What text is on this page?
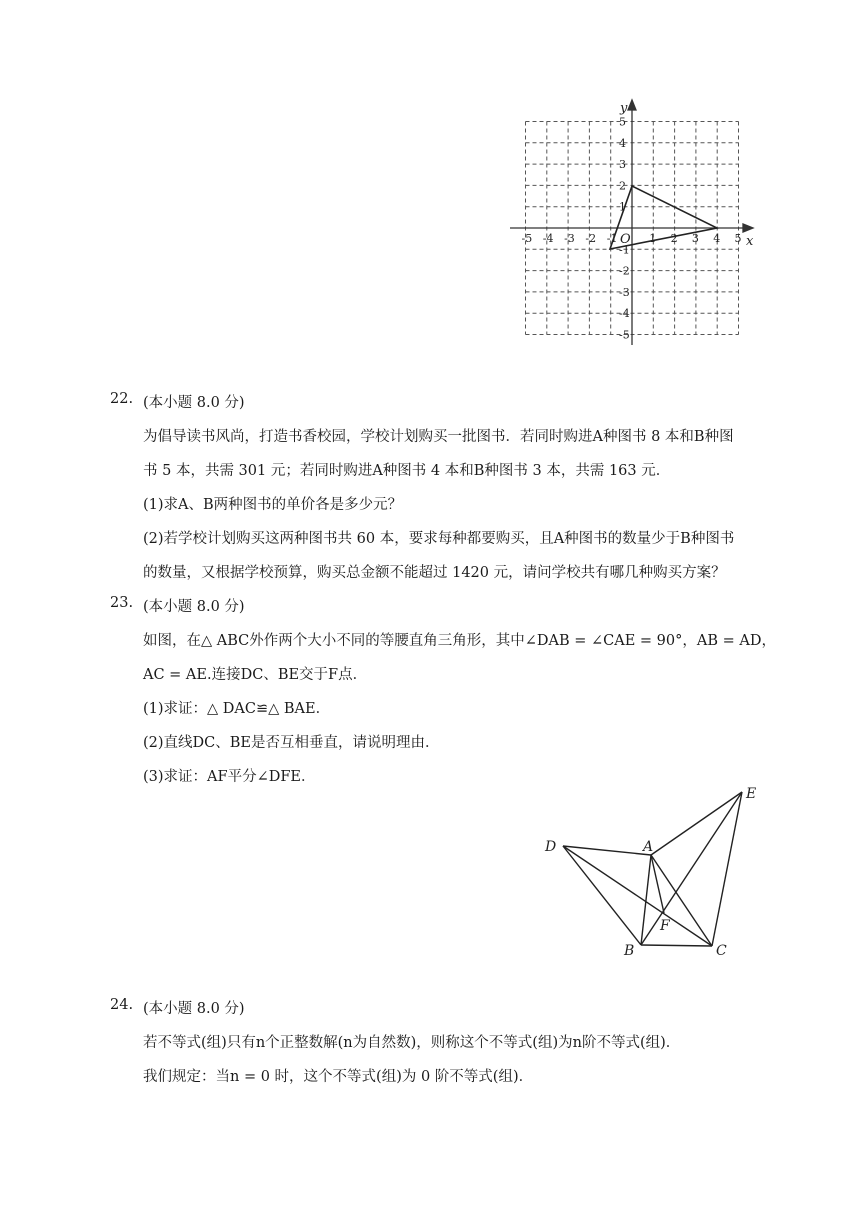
-5 -4 -3 -2 -1	1 2 3 4 5
5
4
3
2
1
-1
-2
-3
-4
-5
x
y
O
22. (本小题 8.0 分)
为倡导读书风尚，打造书香校园，学校计划购买一批图书．若同时购进A种图书 8 本和B种图
书 5 本，共需 301 元；若同时购进A种图书 4 本和B种图书 3 本，共需 163 元．
(1)求A、B两种图书的单价各是多少元？
(2)若学校计划购买这两种图书共 60 本，要求每种都要购买，且A种图书的数量少于B种图书
的数量，又根据学校预算，购买总金额不能超过 1420 元，请问学校共有哪几种购买方案？
23. (本小题 8.0 分)
如图，在△ ABC外作两个大小不同的等腰直角三角形，其中∠DAB = ∠CAE = 90°，AB = AD，
AC = AE.连接DC、BE交于F点．
(1)求证：△ DAC≌△ BAE．
(2)直线DC、BE是否互相垂直，请说明理由．
(3)求证：AF平分∠DFE．
D	A
E
F
B	C
24. (本小题 8.0 分)
若不等式(组)只有n个正整数解(n为自然数)，则称这个不等式(组)为n阶不等式(组)．
我们规定：当n = 0 时，这个不等式(组)为 0 阶不等式(组)．
